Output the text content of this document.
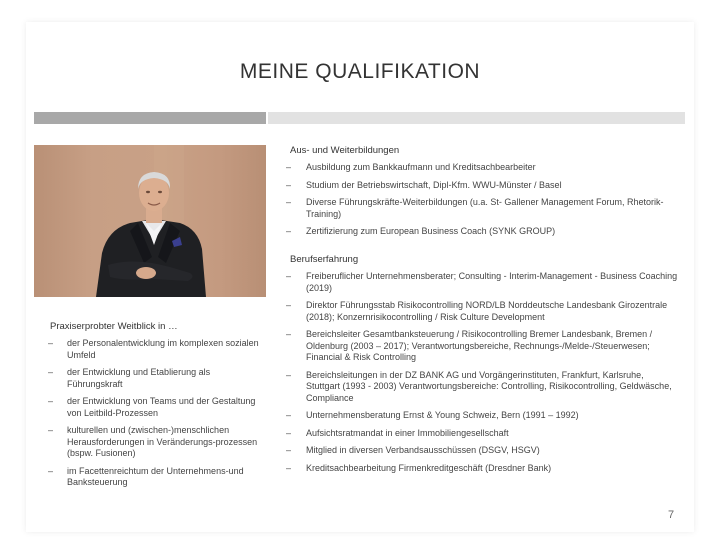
MEINE QUALIFIKATION

Aus- und Weiterbildungen

– Ausbildung zum Bankkaufmann und Kreditsachbearbeiter
– Studium der Betriebswirtschaft, Dipl-Kfm. WWU-Münster / Basel
– Diverse Führungskräfte-Weiterbildungen (u.a. St- Gallener Management Forum, Rhetorik-Training)
– Zertifizierung zum European Business Coach (SYNK GROUP)

Berufserfahrung

– Freiberuflicher Unternehmensberater; Consulting - Interim-Management - Business Coaching (2019)
– Direktor Führungsstab Risikocontrolling NORD/LB Norddeutsche Landesbank Girozentrale (2018); Konzernrisikocontrolling / Risk Culture Development
– Bereichsleiter Gesamtbanksteuerung / Risikocontrolling Bremer Landesbank, Bremen / Oldenburg (2003 – 2017); Verantwortungsbereiche, Rechnungs-/Melde-/Steuerwesen; Financial & Risk Controlling
– Bereichsleitungen in der DZ BANK AG und Vorgängerinstituten, Frankfurt, Karlsruhe, Stuttgart (1993 - 2003) Verantwortungsbereiche: Controlling, Risikocontrolling, Geldwäsche, Compliance
– Unternehmensberatung Ernst & Young Schweiz, Bern (1991 – 1992)
– Aufsichtsratmandat in einer Immobiliengesellschaft
– Mitglied in diversen Verbandsausschüssen (DSGV, HSGV)
– Kreditsachbearbeitung Firmenkreditgeschäft (Dresdner Bank)

Praxiserprobter Weitblick in …

– der Personalentwicklung im komplexen sozialen Umfeld
– der Entwicklung und Etablierung als Führungskraft
– der Entwicklung von Teams und der Gestaltung von Leitbild-Prozessen
– kulturellen und (zwischen-)menschlichen Herausforderungen in Veränderungs-prozessen (bspw. Fusionen)
– im Facettenreichtum der Unternehmens-und Banksteuerung
7
